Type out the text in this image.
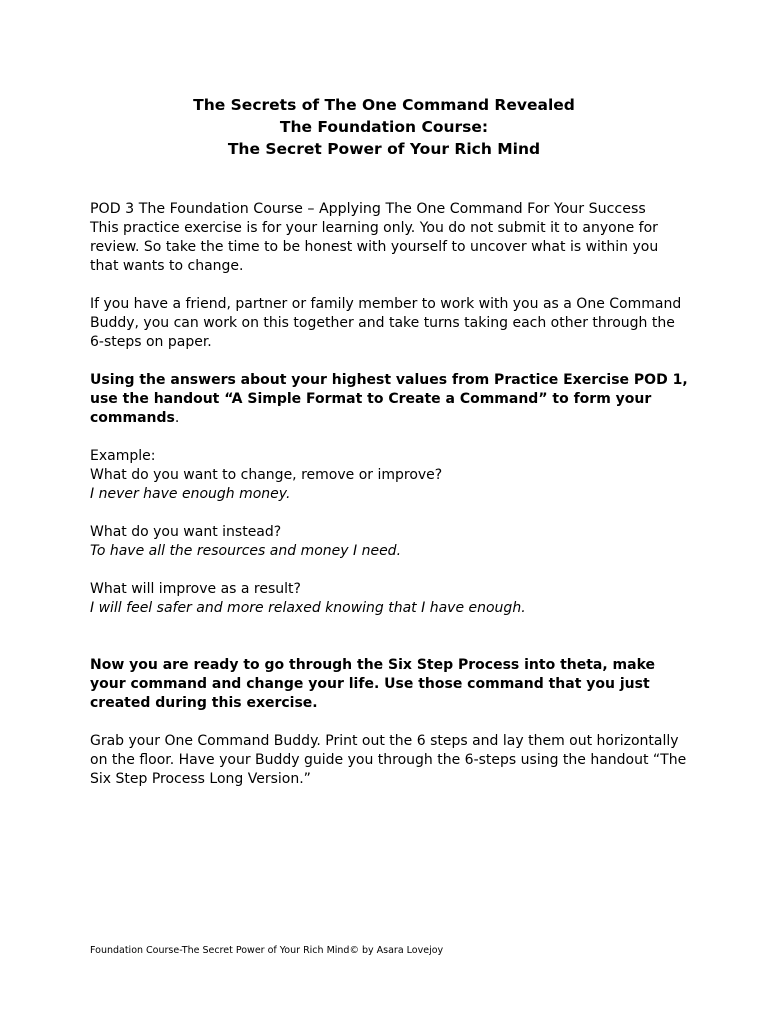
The Secrets of The One Command Revealed
The Foundation Course:
The Secret Power of Your Rich Mind

POD 3 The Foundation Course – Applying The One Command For Your Success

This practice exercise is for your learning only. You do not submit it to anyone for review. So take the time to be honest with yourself to uncover what is within you that wants to change.

If you have a friend, partner or family member to work with you as a One Command Buddy, you can work on this together and take turns taking each other through the 6-steps on paper.

Using the answers about your highest values from Practice Exercise POD 1, use the handout “A Simple Format to Create a Command” to form your commands.

Example:

What do you want to change, remove or improve?

I never have enough money.

What do you want instead?

To have all the resources and money I need.

What will improve as a result?

I will feel safer and more relaxed knowing that I have enough.

Now you are ready to go through the Six Step Process into theta, make your command and change your life. Use those command that you just created during this exercise.

Grab your One Command Buddy. Print out the 6 steps and lay them out horizontally on the floor. Have your Buddy guide you through the 6-steps using the handout “The Six Step Process Long Version.”

Foundation Course-The Secret Power of Your Rich Mind© by Asara Lovejoy
